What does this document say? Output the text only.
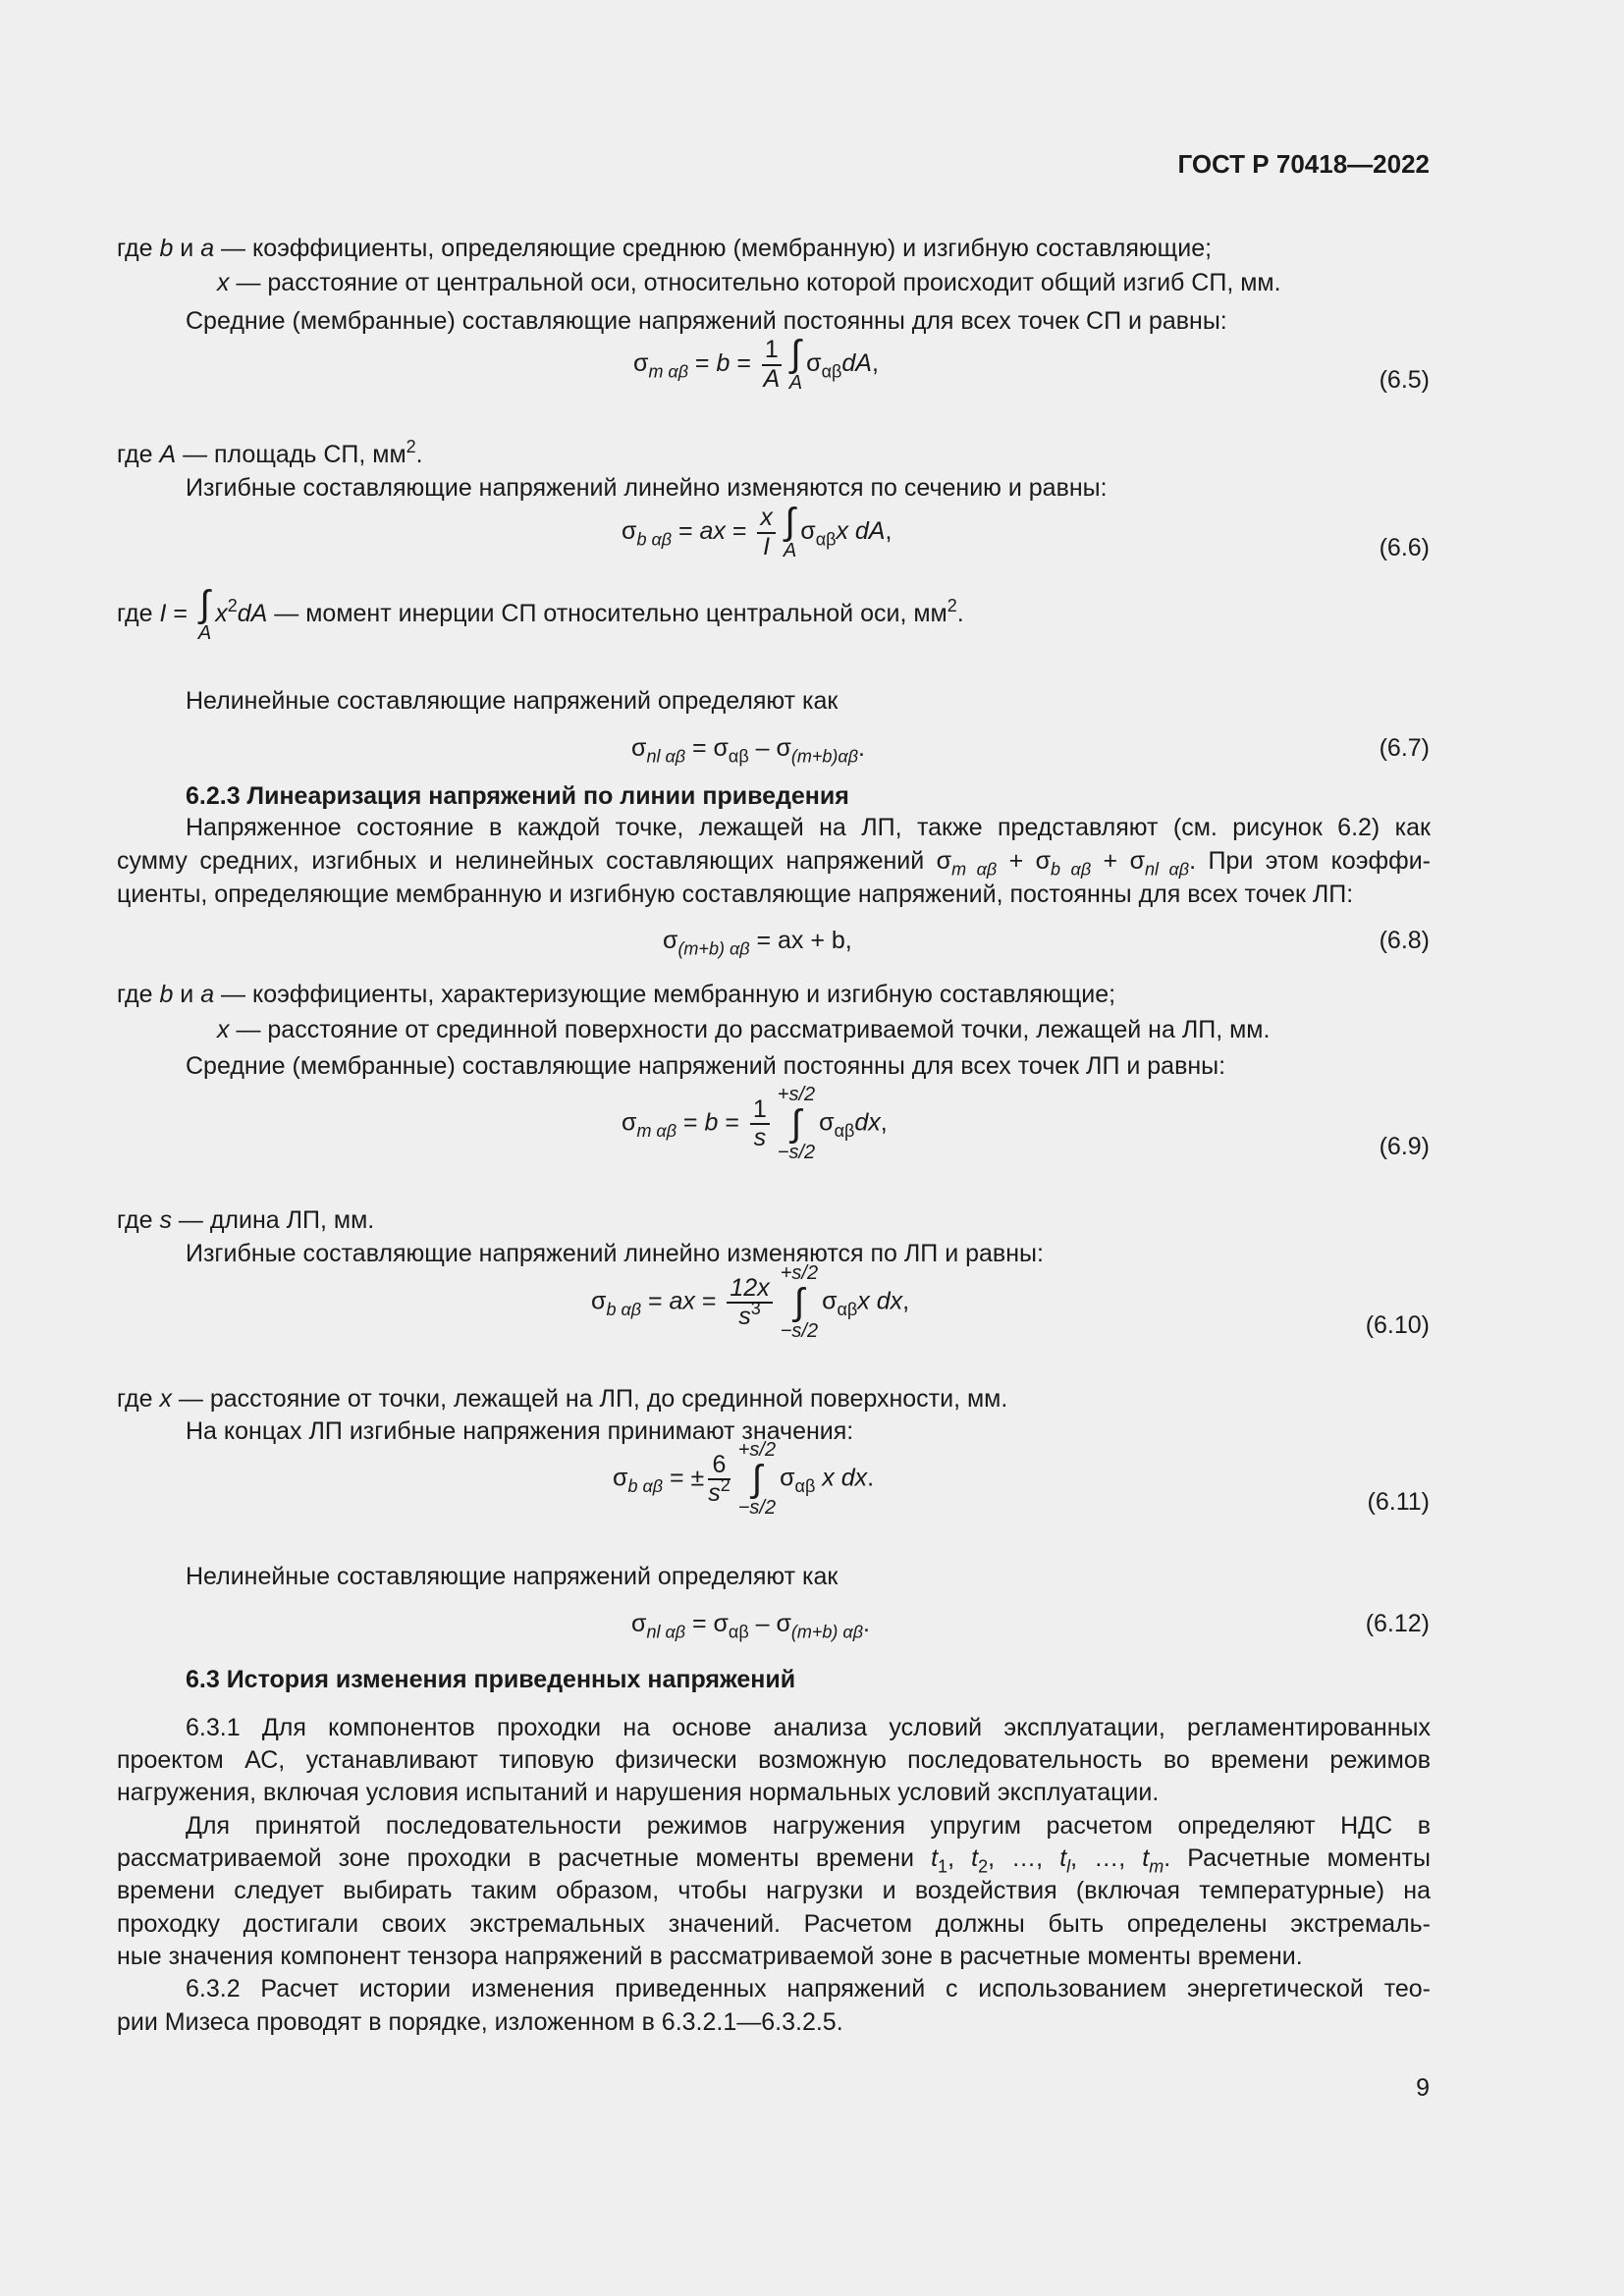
ГОСТ Р 70418—2022
где b и a — коэффициенты, определяющие среднюю (мембранную) и изгибную составляющие;
x — расстояние от центральной оси, относительно которой происходит общий изгиб СП, мм.
Средние (мембранные) составляющие напряжений постоянны для всех точек СП и равны:
$\sigma_{m \alpha\beta} = b = \frac{1}{A}$ ∫
A
$\sigma_{\alpha\beta}dA$,
(6.5)
где A — площадь СП, $мм^2$.
Изгибные составляющие напряжений линейно изменяются по сечению и равны:
$\sigma_{b \alpha\beta}$ = ax = $\frac{x}{I}$ ∫
A
$\sigma_{\alpha\beta}x$ dA,
(6.6)
где I = ∫
A
$x^2dA$ — момент инерции СП относительно центральной оси, $мм^2$.
Нелинейные составляющие напряжений определяют как
$\sigma_{nl \alpha\beta} = \sigma_{\alpha\beta} - \sigma_{(m+b)\alpha\beta}$.	(6.7)
6.2.3 Линеаризация напряжений по линии приведения
Напряженное состояние в каждой точке, лежащей на ЛП, также представляют (см. рисунок 6.2) как
сумму средних, изгибных и нелинейных составляющих напряжений $\sigma_{m \alpha\beta} + \sigma_{b \alpha\beta} + \sigma_{nl \alpha\beta}$. При этом коэффи-
циенты, определяющие мембранную и изгибную составляющие напряжений, постоянны для всех точек ЛП:
$\sigma_{(m+b) \alpha\beta}$ = ax + b,	(6.8)
где b и a — коэффициенты, характеризующие мембранную и изгибную составляющие;
x — расстояние от срединной поверхности до рассматриваемой точки, лежащей на ЛП, мм.
Средние (мембранные) составляющие напряжений постоянны для всех точек ЛП и равны:
$\sigma_{m \alpha\beta} = b = \frac{1}{s}$
+s/2
∫
−s/2
$\sigma_{\alpha\beta}dx$,
(6.9)
где s — длина ЛП, мм.
Изгибные составляющие напряжений линейно изменяются по ЛП и равны:
$\sigma_{b \alpha\beta}$ = ax = $\frac{12x}{s^3}$
+s/2
∫
−s/2
$\sigma_{\alpha\beta}x$ dx,
(6.10)
где x — расстояние от точки, лежащей на ЛП, до срединной поверхности, мм.
На концах ЛП изгибные напряжения принимают значения:
$\sigma_{b \alpha\beta}$ = ± $\frac{6}{s^2}$
+s/2
∫
−s/2
$\sigma_{\alpha\beta}$ x dx.
(6.11)
Нелинейные составляющие напряжений определяют как
$\sigma_{nl \alpha\beta} = \sigma_{\alpha\beta} - \sigma_{(m+b) \alpha\beta}$.	(6.12)
6.3 История изменения приведенных напряжений
6.3.1 Для компонентов проходки на основе анализа условий эксплуатации, регламентированных
проектом АС, устанавливают типовую физически возможную последовательность во времени режимов
нагружения, включая условия испытаний и нарушения нормальных условий эксплуатации.
Для принятой последовательности режимов нагружения упругим расчетом определяют НДС в
рассматриваемой зоне проходки в расчетные моменты времени $t_1$, $t_2$, …, $t_l$, …, $t_m$. Расчетные моменты
времени следует выбирать таким образом, чтобы нагрузки и воздействия (включая температурные) на
проходку достигали своих экстремальных значений. Расчетом должны быть определены экстремаль-
ные значения компонент тензора напряжений в рассматриваемой зоне в расчетные моменты времени.
6.3.2 Расчет истории изменения приведенных напряжений с использованием энергетической тео-
рии Мизеса проводят в порядке, изложенном в 6.3.2.1—6.3.2.5.
9
